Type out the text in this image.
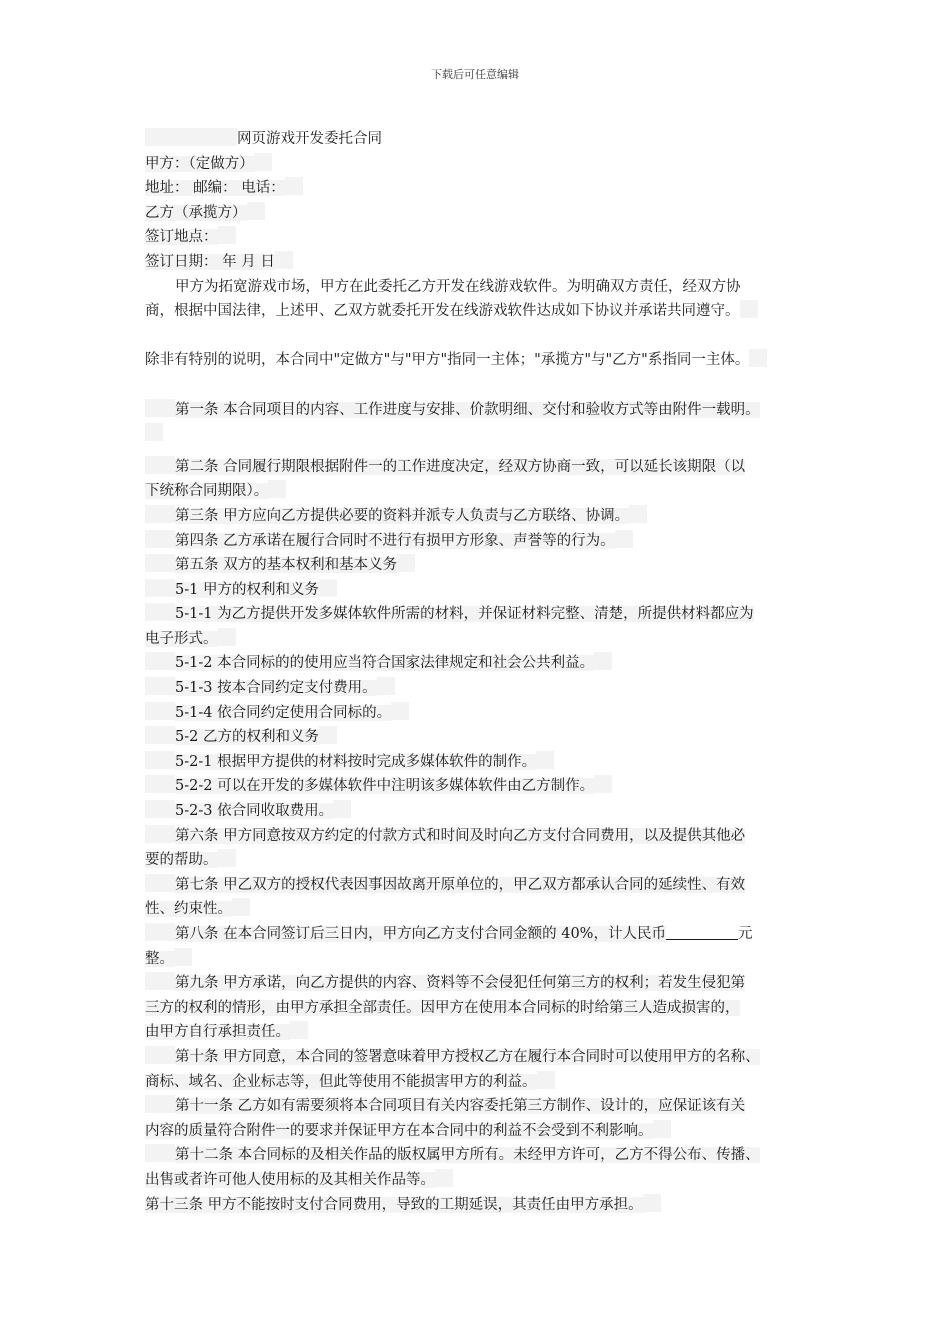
下载后可任意编辑
网页游戏开发委托合同
甲方：（定做方）
地址： 邮编： 电话：
乙方（承揽方）
签订地点：
签订日期： 年 月 日
甲方为拓宽游戏市场，甲方在此委托乙方开发在线游戏软件。为明确双方责任，经双方协
商，根据中国法律，上述甲、乙双方就委托开发在线游戏软件达成如下协议并承诺共同遵守。
除非有特别的说明，本合同中"定做方"与"甲方"指同一主体；"承揽方"与"乙方"系指同一主体。
第一条 本合同项目的内容、工作进度与安排、价款明细、交付和验收方式等由附件一载明。
第二条 合同履行期限根据附件一的工作进度决定，经双方协商一致，可以延长该期限（以
下统称合同期限）。
第三条 甲方应向乙方提供必要的资料并派专人负责与乙方联络、协调。
第四条 乙方承诺在履行合同时不进行有损甲方形象、声誉等的行为。
第五条 双方的基本权利和基本义务
5-1 甲方的权利和义务
5-1-1 为乙方提供开发多媒体软件所需的材料，并保证材料完整、清楚，所提供材料都应为
电子形式。
5-1-2 本合同标的的使用应当符合国家法律规定和社会公共利益。
5-1-3 按本合同约定支付费用。
5-1-4 依合同约定使用合同标的。
5-2 乙方的权利和义务
5-2-1 根据甲方提供的材料按时完成多媒体软件的制作。
5-2-2 可以在开发的多媒体软件中注明该多媒体软件由乙方制作。
5-2-3 依合同收取费用。
第六条 甲方同意按双方约定的付款方式和时间及时向乙方支付合同费用，以及提供其他必
要的帮助。
第七条 甲乙双方的授权代表因事因故离开原单位的，甲乙双方都承认合同的延续性、有效
性、约束性。
第八条 在本合同签订后三日内，甲方向乙方支付合同金额的 40%，计人民币	元
整。
第九条 甲方承诺，向乙方提供的内容、资料等不会侵犯任何第三方的权利；若发生侵犯第
三方的权利的情形，由甲方承担全部责任。因甲方在使用本合同标的时给第三人造成损害的，
由甲方自行承担责任。
第十条 甲方同意，本合同的签署意味着甲方授权乙方在履行本合同时可以使用甲方的名称、
商标、域名、企业标志等，但此等使用不能损害甲方的利益。
第十一条 乙方如有需要须将本合同项目有关内容委托第三方制作、设计的，应保证该有关
内容的质量符合附件一的要求并保证甲方在本合同中的利益不会受到不利影响。
第十二条 本合同标的及相关作品的版权属甲方所有。未经甲方许可，乙方不得公布、传播、
出售或者许可他人使用标的及其相关作品等。
第十三条 甲方不能按时支付合同费用，导致的工期延误，其责任由甲方承担。
